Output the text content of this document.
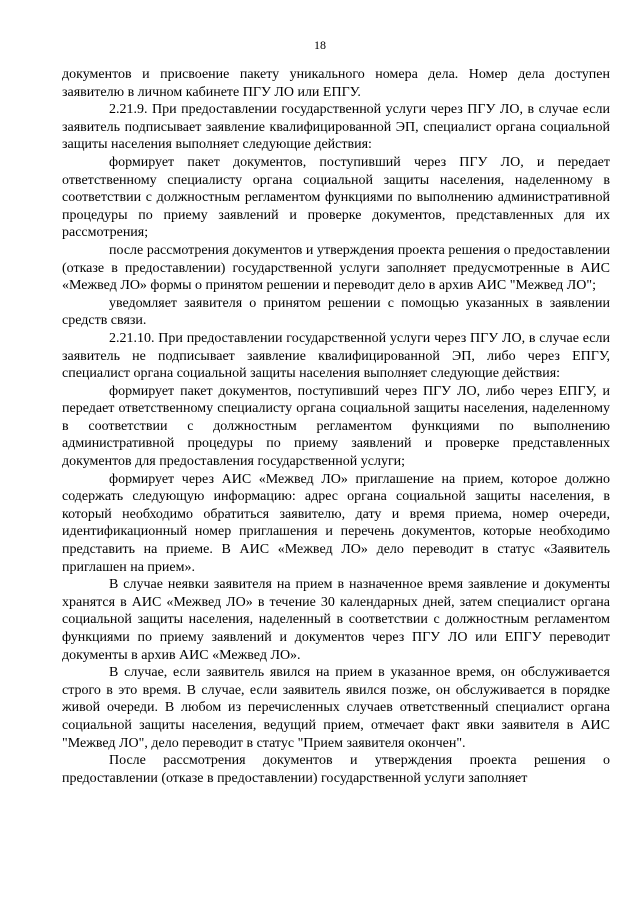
18

документов и присвоение пакету уникального номера дела. Номер дела доступен заявителю в личном кабинете ПГУ ЛО или ЕПГУ.

2.21.9. При предоставлении государственной услуги через ПГУ ЛО, в случае если заявитель подписывает заявление квалифицированной ЭП, специалист органа социальной защиты населения выполняет следующие действия:

формирует пакет документов, поступивший через ПГУ ЛО, и передает ответственному специалисту органа социальной защиты населения, наделенному в соответствии с должностным регламентом функциями по выполнению административной процедуры по приему заявлений и проверке документов, представленных для их рассмотрения;

после рассмотрения документов и утверждения проекта решения о предоставлении (отказе в предоставлении) государственной услуги заполняет предусмотренные в АИС «Межвед ЛО» формы о принятом решении и переводит дело в архив АИС "Межвед ЛО";

уведомляет заявителя о принятом решении с помощью указанных в заявлении средств связи.

2.21.10. При предоставлении государственной услуги через ПГУ ЛО, в случае если заявитель не подписывает заявление квалифицированной ЭП, либо через ЕПГУ, специалист органа социальной защиты населения выполняет следующие действия:

формирует пакет документов, поступивший через ПГУ ЛО, либо через ЕПГУ, и передает ответственному специалисту органа социальной защиты населения, наделенному в соответствии с должностным регламентом функциями по выполнению административной процедуры по приему заявлений и проверке представленных документов для предоставления государственной услуги;

формирует через АИС «Межвед ЛО» приглашение на прием, которое должно содержать следующую информацию: адрес органа социальной защиты населения, в который необходимо обратиться заявителю, дату и время приема, номер очереди, идентификационный номер приглашения и перечень документов, которые необходимо представить на приеме. В АИС «Межвед ЛО» дело переводит в статус «Заявитель приглашен на прием».

В случае неявки заявителя на прием в назначенное время заявление и документы хранятся в АИС «Межвед ЛО» в течение 30 календарных дней, затем специалист органа социальной защиты населения, наделенный в соответствии с должностным регламентом функциями по приему заявлений и документов через ПГУ ЛО или ЕПГУ переводит документы в архив АИС «Межвед ЛО».

В случае, если заявитель явился на прием в указанное время, он обслуживается строго в это время. В случае, если заявитель явился позже, он обслуживается в порядке живой очереди. В любом из перечисленных случаев ответственный специалист органа социальной защиты населения, ведущий прием, отмечает факт явки заявителя в АИС "Межвед ЛО", дело переводит в статус "Прием заявителя окончен".

После рассмотрения документов и утверждения проекта решения о предоставлении (отказе в предоставлении) государственной услуги заполняет
